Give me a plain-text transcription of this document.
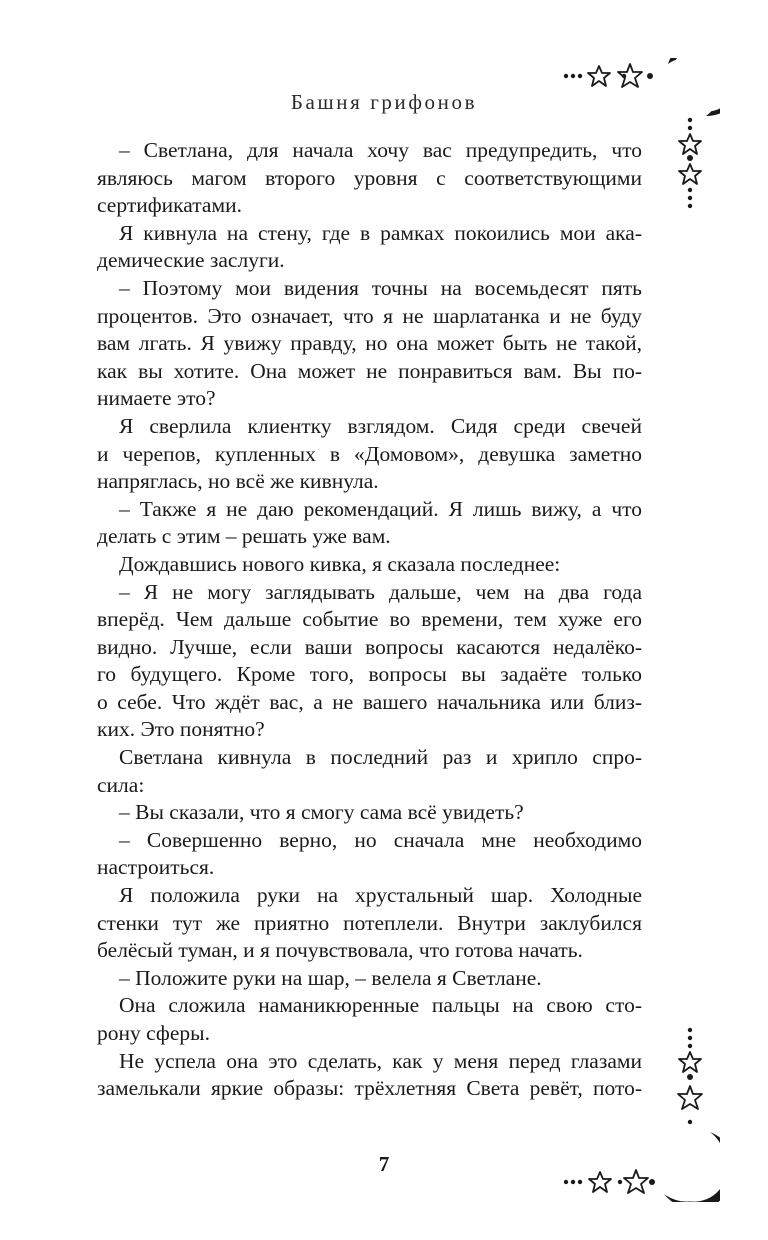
Башня грифонов

– Светлана, для начала хочу вас предупредить, что
являюсь магом второго уровня с соответствующими
сертификатами.
Я кивнула на стену, где в рамках покоились мои ака-
демические заслуги.
– Поэтому мои видения точны на восемьдесят пять
процентов. Это означает, что я не шарлатанка и не буду
вам лгать. Я увижу правду, но она может быть не такой,
как вы хотите. Она может не понравиться вам. Вы по-
нимаете это?
Я сверлила клиентку взглядом. Сидя среди свечей
и черепов, купленных в «Домовом», девушка заметно
напряглась, но всё же кивнула.
– Также я не даю рекомендаций. Я лишь вижу, а что
делать с этим – решать уже вам.
Дождавшись нового кивка, я сказала последнее:
– Я не могу заглядывать дальше, чем на два года
вперёд. Чем дальше событие во времени, тем хуже его
видно. Лучше, если ваши вопросы касаются недалёко-
го будущего. Кроме того, вопросы вы задаёте только
о себе. Что ждёт вас, а не вашего начальника или близ-
ких. Это понятно?
Светлана кивнула в последний раз и хрипло спро-
сила:
– Вы сказали, что я смогу сама всё увидеть?
– Совершенно верно, но сначала мне необходимо
настроиться.
Я положила руки на хрустальный шар. Холодные
стенки тут же приятно потеплели. Внутри заклубился
белёсый туман, и я почувствовала, что готова начать.
– Положите руки на шар, – велела я Светлане.
Она сложила наманикюренные пальцы на свою сто-
рону сферы.
Не успела она это сделать, как у меня перед глазами
замелькали яркие образы: трёхлетняя Света ревёт, пото-

7
